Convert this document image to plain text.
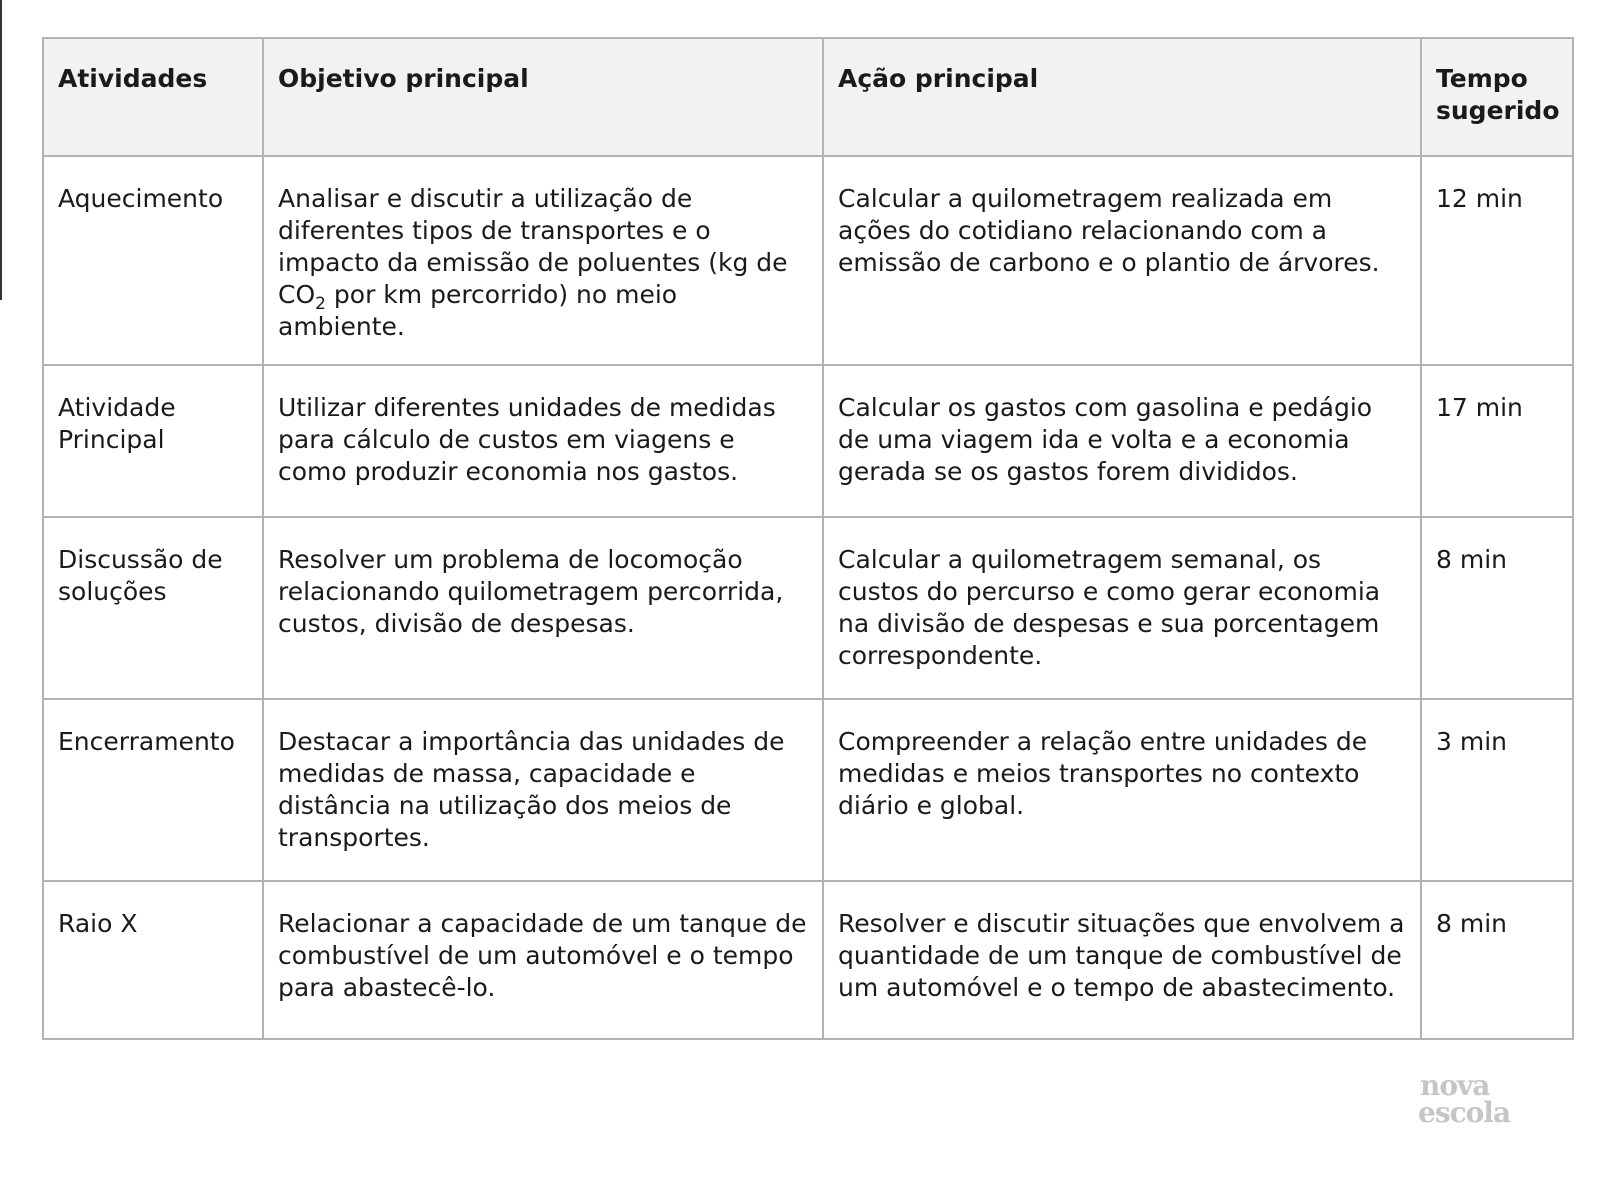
Atividades	Objetivo principal	Ação principal	Tempo sugerido
Aquecimento	Analisar e discutir a utilização de diferentes tipos de transportes e o impacto da emissão de poluentes (kg de $CO_2$ por km percorrido) no meio ambiente.	Calcular a quilometragem realizada em ações do cotidiano relacionando com a emissão de carbono e o plantio de árvores.	12 min
Atividade Principal	Utilizar diferentes unidades de medidas para cálculo de custos em viagens e como produzir economia nos gastos.	Calcular os gastos com gasolina e pedágio de uma viagem ida e volta e a economia gerada se os gastos forem divididos.	17 min
Discussão de soluções	Resolver um problema de locomoção relacionando quilometragem percorrida, custos, divisão de despesas.	Calcular a quilometragem semanal, os custos do percurso e como gerar economia na divisão de despesas e sua porcentagem correspondente.	8 min
Encerramento	Destacar a importância das unidades de medidas de massa, capacidade e distância na utilização dos meios de transportes.	Compreender a relação entre unidades de medidas e meios transportes no contexto diário e global.	3 min
Raio X	Relacionar a capacidade de um tanque de combustível de um automóvel e o tempo para abastecê-lo.	Resolver e discutir situações que envolvem a quantidade de um tanque de combustível de um automóvel e o tempo de abastecimento.	8 min
nova
escola
